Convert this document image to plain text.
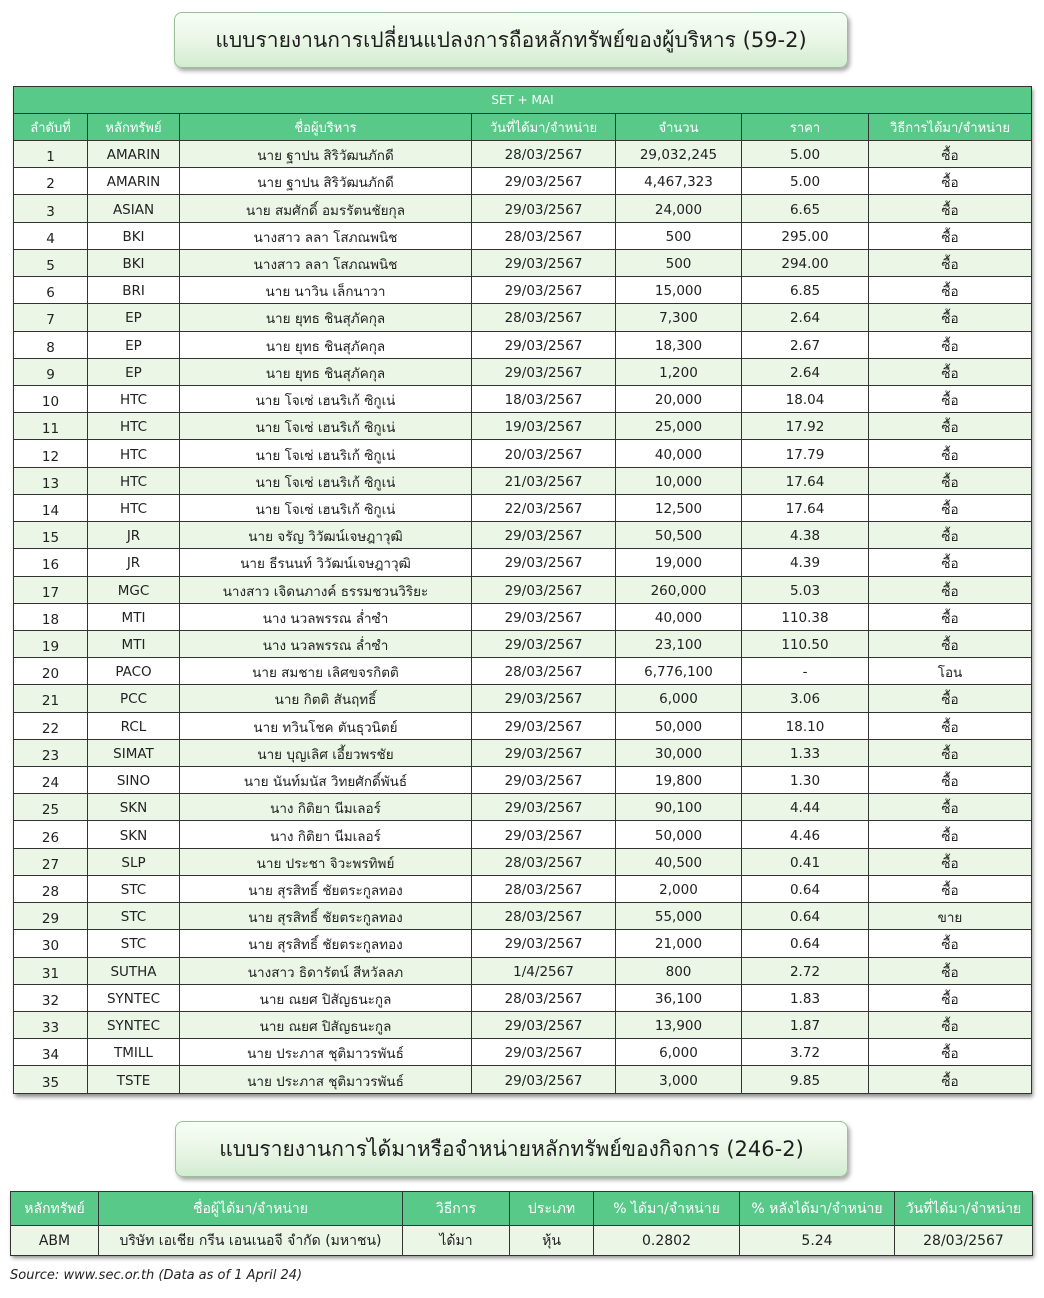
แบบรายงานการเปลี่ยนแปลงการถือหลักทรัพย์ของผู้บริหาร (59-2)
SET + MAI						
ลำดับที่	หลักทรัพย์	ชื่อผู้บริหาร	วันที่ได้มา/จำหน่าย	จำนวน	ราคา	วิธีการได้มา/จำหน่าย
1	AMARIN	นาย ฐาปน สิริวัฒนภักดี	28/03/2567	29,032,245	5.00	ซื้อ
2	AMARIN	นาย ฐาปน สิริวัฒนภักดี	29/03/2567	4,467,323	5.00	ซื้อ
3	ASIAN	นาย สมศักดิ์ อมรรัตนชัยกุล	29/03/2567	24,000	6.65	ซื้อ
4	BKI	นางสาว ลลา โสภณพนิช	28/03/2567	500	295.00	ซื้อ
5	BKI	นางสาว ลลา โสภณพนิช	29/03/2567	500	294.00	ซื้อ
6	BRI	นาย นาวิน เล็กนาวา	29/03/2567	15,000	6.85	ซื้อ
7	EP	นาย ยุทธ ชินสุภัคกุล	28/03/2567	7,300	2.64	ซื้อ
8	EP	นาย ยุทธ ชินสุภัคกุล	29/03/2567	18,300	2.67	ซื้อ
9	EP	นาย ยุทธ ชินสุภัคกุล	29/03/2567	1,200	2.64	ซื้อ
10	HTC	นาย โจเซ่ เฮนริเก้ ซิกูเน่	18/03/2567	20,000	18.04	ซื้อ
11	HTC	นาย โจเซ่ เฮนริเก้ ซิกูเน่	19/03/2567	25,000	17.92	ซื้อ
12	HTC	นาย โจเซ่ เฮนริเก้ ซิกูเน่	20/03/2567	40,000	17.79	ซื้อ
13	HTC	นาย โจเซ่ เฮนริเก้ ซิกูเน่	21/03/2567	10,000	17.64	ซื้อ
14	HTC	นาย โจเซ่ เฮนริเก้ ซิกูเน่	22/03/2567	12,500	17.64	ซื้อ
15	JR	นาย จรัญ วิวัฒน์เจษฎาวุฒิ	29/03/2567	50,500	4.38	ซื้อ
16	JR	นาย ธีรนนท์ วิวัฒน์เจษฎาวุฒิ	29/03/2567	19,000	4.39	ซื้อ
17	MGC	นางสาว เจิดนภางค์ ธรรมชวนวิริยะ	29/03/2567	260,000	5.03	ซื้อ
18	MTI	นาง นวลพรรณ ล่ำซำ	29/03/2567	40,000	110.38	ซื้อ
19	MTI	นาง นวลพรรณ ล่ำซำ	29/03/2567	23,100	110.50	ซื้อ
20	PACO	นาย สมชาย เลิศขจรกิตติ	28/03/2567	6,776,100	-	โอน
21	PCC	นาย กิตติ สันฤทธิ์	29/03/2567	6,000	3.06	ซื้อ
22	RCL	นาย ทวินโชค ตันธุวนิตย์	29/03/2567	50,000	18.10	ซื้อ
23	SIMAT	นาย บุญเลิศ เอี้ยวพรชัย	29/03/2567	30,000	1.33	ซื้อ
24	SINO	นาย นันท์มนัส วิทยศักดิ์พันธ์	29/03/2567	19,800	1.30	ซื้อ
25	SKN	นาง กิติยา นีมเลอร์	29/03/2567	90,100	4.44	ซื้อ
26	SKN	นาง กิติยา นีมเลอร์	29/03/2567	50,000	4.46	ซื้อ
27	SLP	นาย ประชา จิวะพรทิพย์	28/03/2567	40,500	0.41	ซื้อ
28	STC	นาย สุรสิทธิ์ ชัยตระกูลทอง	28/03/2567	2,000	0.64	ซื้อ
29	STC	นาย สุรสิทธิ์ ชัยตระกูลทอง	28/03/2567	55,000	0.64	ขาย
30	STC	นาย สุรสิทธิ์ ชัยตระกูลทอง	29/03/2567	21,000	0.64	ซื้อ
31	SUTHA	นางสาว ธิดารัตน์ สีหวัลลภ	1/4/2567	800	2.72	ซื้อ
32	SYNTEC	นาย ณยศ ปิสัญธนะกูล	28/03/2567	36,100	1.83	ซื้อ
33	SYNTEC	นาย ณยศ ปิสัญธนะกูล	29/03/2567	13,900	1.87	ซื้อ
34	TMILL	นาย ประภาส ชุติมาวรพันธ์	29/03/2567	6,000	3.72	ซื้อ
35	TSTE	นาย ประภาส ชุติมาวรพันธ์	29/03/2567	3,000	9.85	ซื้อ
แบบรายงานการได้มาหรือจำหน่ายหลักทรัพย์ของกิจการ (246-2)
หลักทรัพย์	ชื่อผู้ได้มา/จำหน่าย	วิธีการ	ประเภท	% ได้มา/จำหน่าย	% หลังได้มา/จำหน่าย	วันที่ได้มา/จำหน่าย
ABM	บริษัท เอเชีย กรีน เอนเนอจี จำกัด (มหาชน)	ได้มา	หุ้น	0.2802	5.24	28/03/2567
Source: www.sec.or.th (Data as of 1 April 24)
